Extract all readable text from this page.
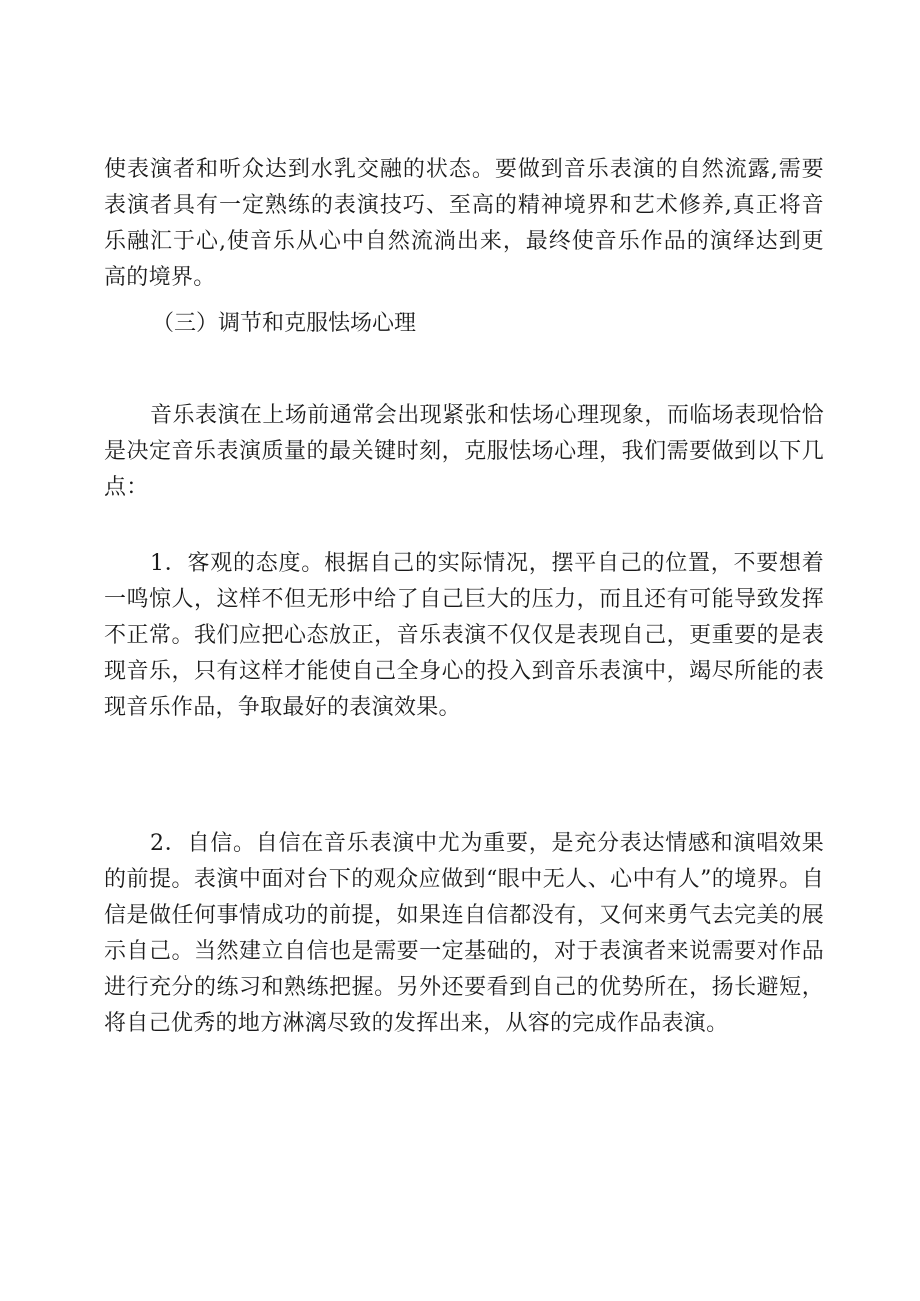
使表演者和听众达到水乳交融的状态。要做到音乐表演的自然流露,需要表演者具有一定熟练的表演技巧、至高的精神境界和艺术修养,真正将音乐融汇于心,使音乐从心中自然流淌出来，最终使音乐作品的演绎达到更高的境界。

（三）调节和克服怯场心理

音乐表演在上场前通常会出现紧张和怯场心理现象，而临场表现恰恰是决定音乐表演质量的最关键时刻，克服怯场心理，我们需要做到以下几点：

1．客观的态度。根据自己的实际情况，摆平自己的位置，不要想着一鸣惊人，这样不但无形中给了自己巨大的压力，而且还有可能导致发挥不正常。我们应把心态放正，音乐表演不仅仅是表现自己，更重要的是表现音乐，只有这样才能使自己全身心的投入到音乐表演中，竭尽所能的表现音乐作品，争取最好的表演效果。

2．自信。自信在音乐表演中尤为重要，是充分表达情感和演唱效果的前提。表演中面对台下的观众应做到“眼中无人、心中有人”的境界。自信是做任何事情成功的前提，如果连自信都没有，又何来勇气去完美的展示自己。当然建立自信也是需要一定基础的，对于表演者来说需要对作品进行充分的练习和熟练把握。另外还要看到自己的优势所在，扬长避短，将自己优秀的地方淋漓尽致的发挥出来，从容的完成作品表演。
